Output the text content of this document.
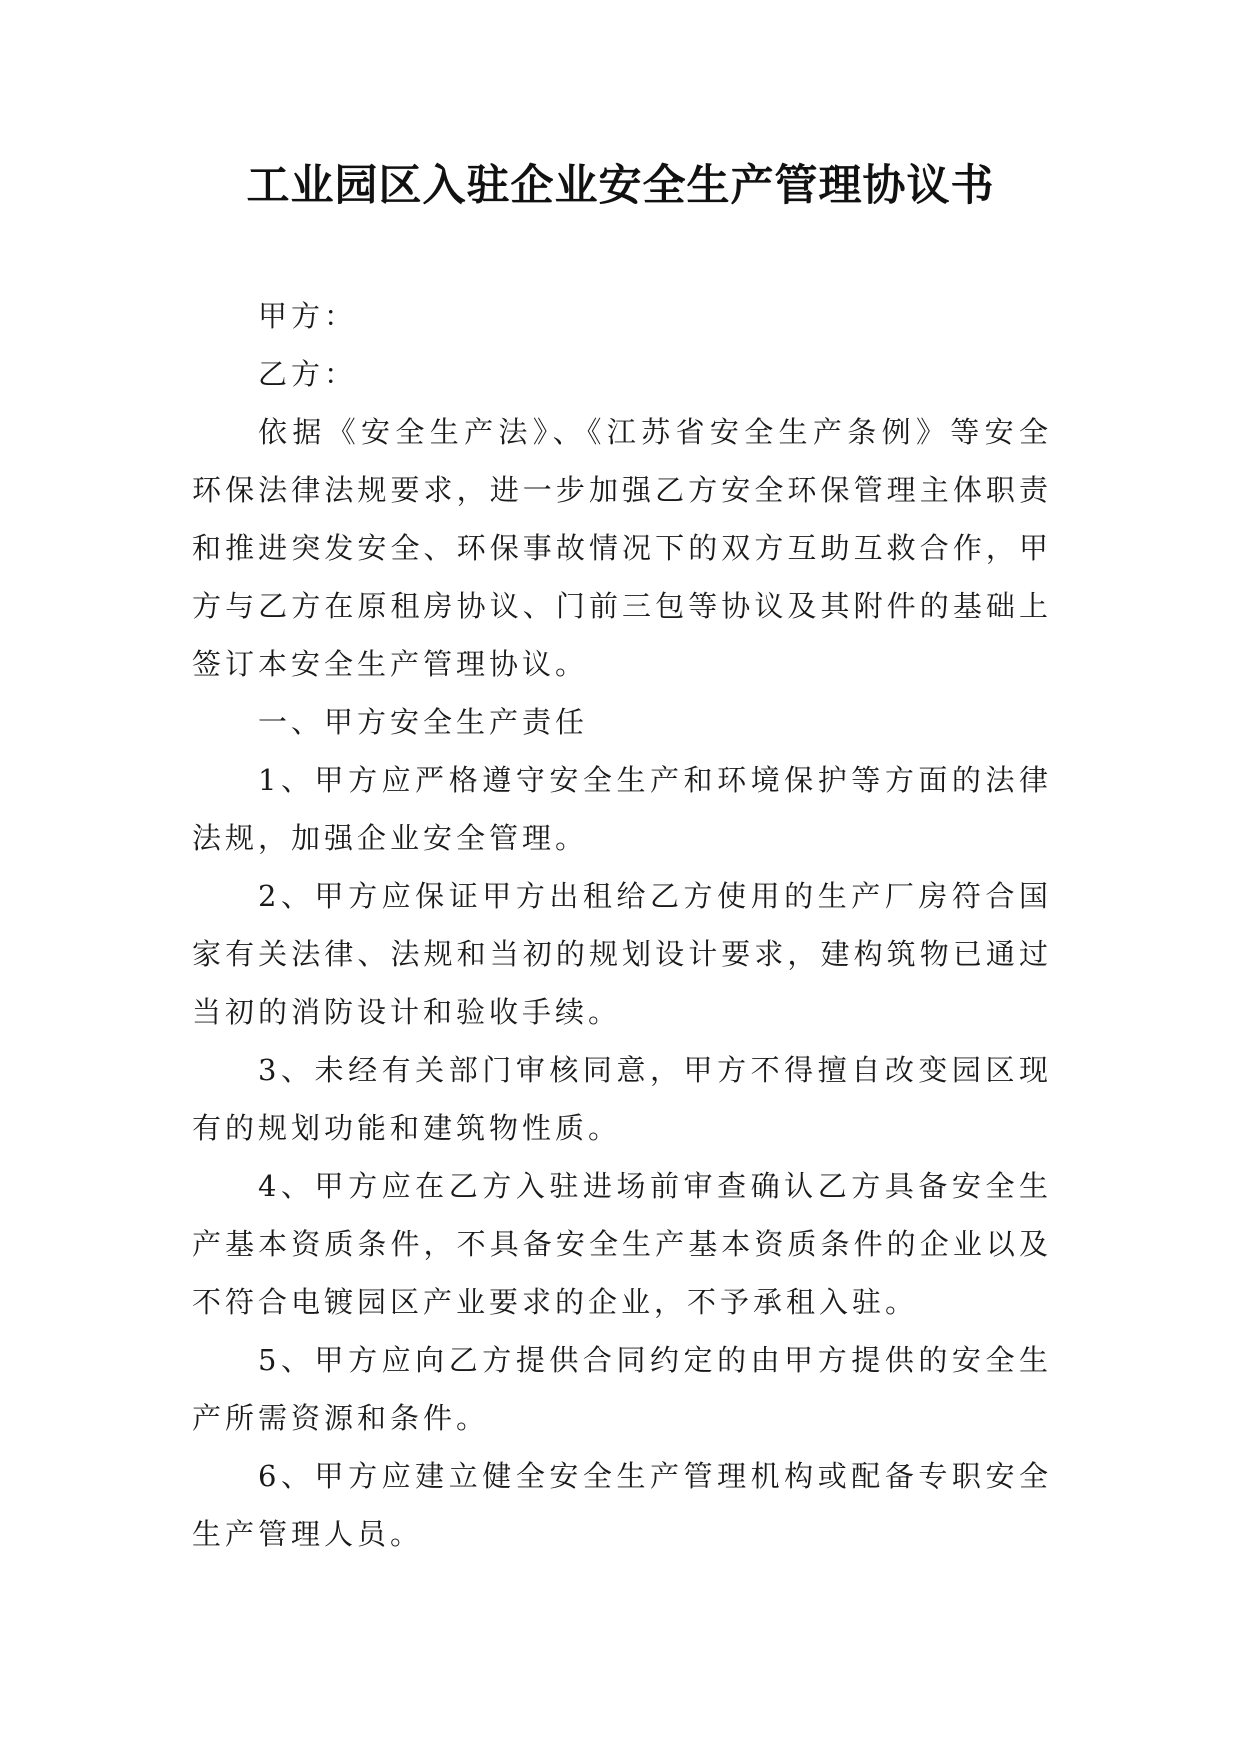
工业园区入驻企业安全生产管理协议书

甲方：

乙方：

依据《安全生产法》、《江苏省安全生产条例》等安全环保法律法规要求，进一步加强乙方安全环保管理主体职责和推进突发安全、环保事故情况下的双方互助互救合作，甲方与乙方在原租房协议、门前三包等协议及其附件的基础上签订本安全生产管理协议。

一、甲方安全生产责任

1、甲方应严格遵守安全生产和环境保护等方面的法律法规，加强企业安全管理。

2、甲方应保证甲方出租给乙方使用的生产厂房符合国家有关法律、法规和当初的规划设计要求，建构筑物已通过当初的消防设计和验收手续。

3、未经有关部门审核同意，甲方不得擅自改变园区现有的规划功能和建筑物性质。

4、甲方应在乙方入驻进场前审查确认乙方具备安全生产基本资质条件，不具备安全生产基本资质条件的企业以及不符合电镀园区产业要求的企业，不予承租入驻。

5、甲方应向乙方提供合同约定的由甲方提供的安全生产所需资源和条件。

6、甲方应建立健全安全生产管理机构或配备专职安全生产管理人员。
